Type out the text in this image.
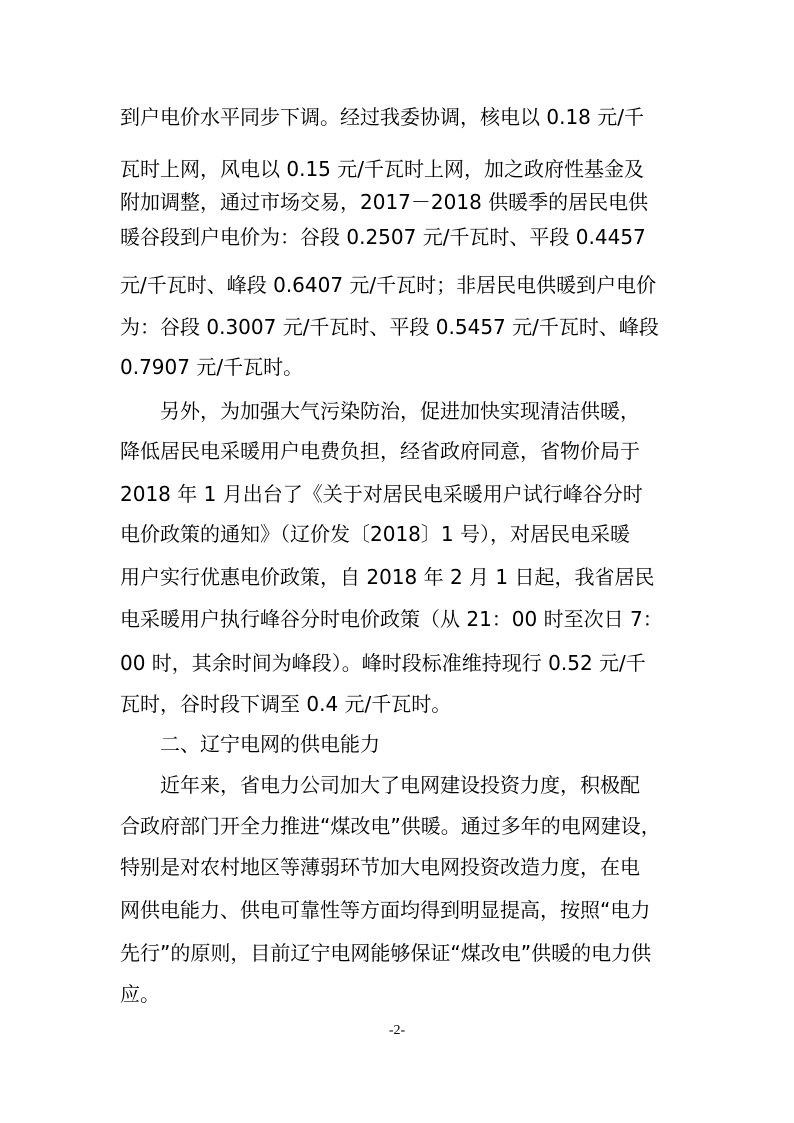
到户电价水平同步下调。经过我委协调，核电以 0.18 元/千
瓦时上网，风电以 0.15 元/千瓦时上网，加之政府性基金及
附加调整，通过市场交易，2017－2018 供暖季的居民电供
暖谷段到户电价为：谷段 0.2507 元/千瓦时、平段 0.4457
元/千瓦时、峰段 0.6407 元/千瓦时；非居民电供暖到户电价
为：谷段 0.3007 元/千瓦时、平段 0.5457 元/千瓦时、峰段
0.7907 元/千瓦时。
另外，为加强大气污染防治，促进加快实现清洁供暖，
降低居民电采暖用户电费负担，经省政府同意，省物价局于
2018 年 1 月出台了《关于对居民电采暖用户试行峰谷分时
电价政策的通知》（辽价发〔2018〕1 号），对居民电采暖
用户实行优惠电价政策，自 2018 年 2 月 1 日起，我省居民
电采暖用户执行峰谷分时电价政策（从 21：00 时至次日 7：
00 时，其余时间为峰段）。峰时段标准维持现行 0.52 元/千
瓦时，谷时段下调至 0.4 元/千瓦时。
二、辽宁电网的供电能力
近年来，省电力公司加大了电网建设投资力度，积极配
合政府部门开全力推进“煤改电”供暖。通过多年的电网建设，
特别是对农村地区等薄弱环节加大电网投资改造力度，在电
网供电能力、供电可靠性等方面均得到明显提高，按照“电力
先行”的原则，目前辽宁电网能够保证“煤改电”供暖的电力供
应。
-2-
